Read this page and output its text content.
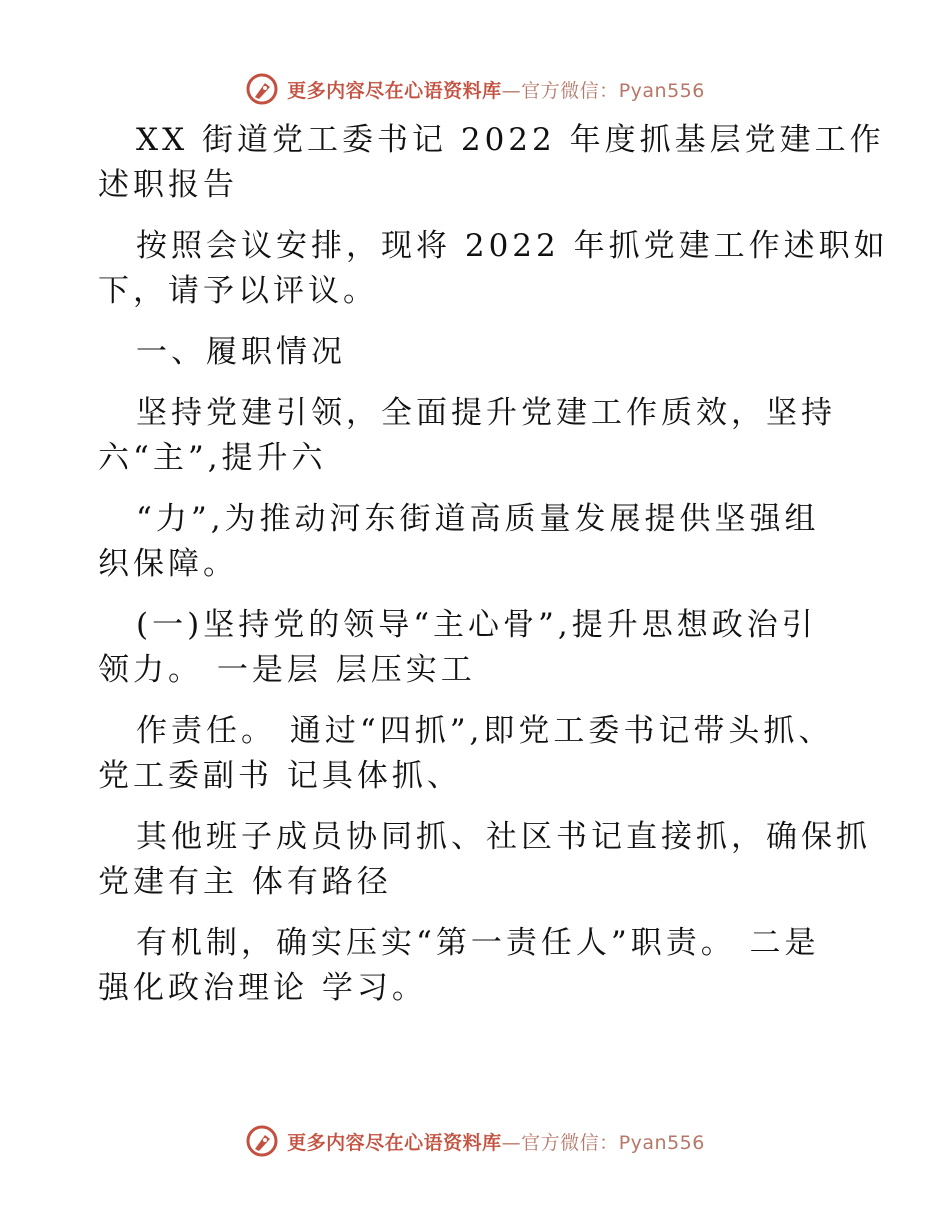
更多内容尽在心语资料库—官方微信：Pyan556

XX 街道党工委书记 2022 年度抓基层党建工作

述职报告

按照会议安排，现将 2022 年抓党建工作述职如

下，请予以评议。

一、履职情况

坚持党建引领，全面提升党建工作质效，坚持

六“主”,提升六

“力”,为推动河东街道高质量发展提供坚强组

织保障。

(一)坚持党的领导“主心骨”,提升思想政治引

领力。 一是层 层压实工

作责任。 通过“四抓”,即党工委书记带头抓、

党工委副书 记具体抓、

其他班子成员协同抓、社区书记直接抓，确保抓

党建有主 体有路径

有机制，确实压实“第一责任人”职责。 二是

强化政治理论 学习。

更多内容尽在心语资料库—官方微信：Pyan556
